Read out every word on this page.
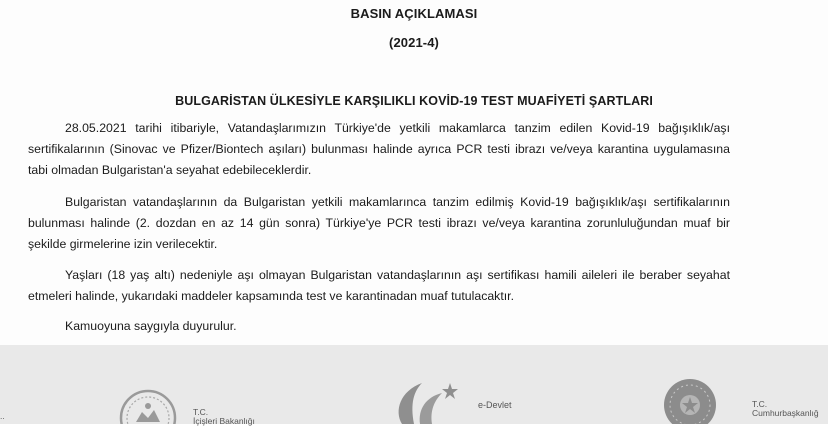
BASIN AÇIKLAMASI
(2021-4)
BULGARİSTAN ÜLKESİYLE KARŞILIKLI KOVİD-19 TEST MUAFİYETİ ŞARTLARI

28.05.2021 tarihi itibariyle, Vatandaşlarımızın Türkiye'de yetkili makamlarca tanzim edilen Kovid-19 bağışıklık/aşı sertifikalarının (Sinovac ve Pfizer/Biontech aşıları) bulunması halinde ayrıca PCR testi ibrazı ve/veya karantina uygulamasına tabi olmadan Bulgaristan'a seyahat edebileceklerdir.

Bulgaristan vatandaşlarının da Bulgaristan yetkili makamlarınca tanzim edilmiş Kovid-19 bağışıklık/aşı sertifikalarının bulunması halinde (2. dozdan en az 14 gün sonra) Türkiye'ye PCR testi ibrazı ve/veya karantina zorunluluğundan muaf bir şekilde girmelerine izin verilecektir.

Yaşları (18 yaş altı) nedeniyle aşı olmayan Bulgaristan vatandaşlarının aşı sertifikası hamili aileleri ile beraber seyahat etmeleri halinde, yukarıdaki maddeler kapsamında test ve karantinadan muaf tutulacaktır.

Kamuoyuna saygıyla duyurulur.

..	T.C.
İçişleri Bakanlığı
e-Devlet	T.C.
Cumhurbaşkanlığ
